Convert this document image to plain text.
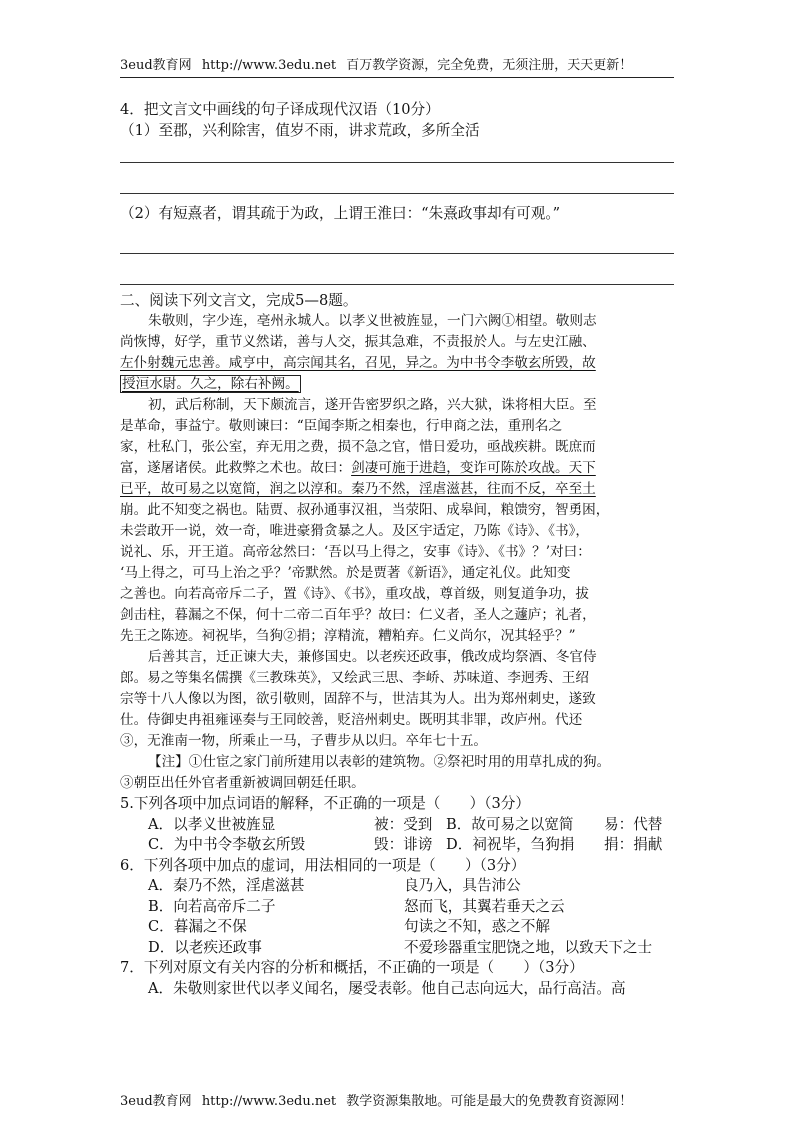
3eud教育网 http://www.3edu.net 百万教学资源，完全免费，无须注册，天天更新！
4．把文言文中画线的句子译成现代汉语（10分）
（1）至郡，兴利除害，值岁不雨，讲求荒政，多所全活
（2）有短熹者，谓其疏于为政，上谓王淮曰：“朱熹政事却有可观。”
二、阅读下列文言文，完成5—8题。
朱敬则，字少连，亳州永城人。以孝义世被旌显，一门六阙①相望。敬则志
尚恢博，好学，重节义然诺，善与人交，振其急难，不责报於人。与左史江融、
左仆射魏元忠善。咸亨中，高宗闻其名，召见，异之。为中书令李敬玄所毁，故
授洹水尉。久之，除右补阙。
初，武后称制，天下颇流言，遂开告密罗织之路，兴大狱，诛将相大臣。至
是革命，事益宁。敬则谏曰：“臣闻李斯之相秦也，行申商之法，重刑名之
家，杜私门，张公室，弃无用之费，损不急之官，惜日爱功，亟战疾耕。既庶而
富，遂屠诸侯。此救弊之术也。故曰：剑凄可施于进趋，变诈可陈於攻战。天下
已平，故可易之以宽简，润之以淳和。秦乃不然，淫虐滋甚，往而不反，卒至土
崩。此不知变之祸也。陆贾、叔孙通事汉祖，当荥阳、成皋间，粮馈穷，智勇困，
未尝敢开一说，效一奇，唯进豪猾贪暴之人。及区宇适定，乃陈《诗》、《书》，
说礼、乐，开王道。高帝忿然曰：‘吾以马上得之，安事《诗》、《书》？’对曰：
‘马上得之，可马上治之乎？’帝默然。於是贾著《新语》，通定礼仪。此知变
之善也。向若高帝斥二子，置《诗》、《书》，重攻战，尊首级，则复道争功，拔
剑击柱，暮漏之不保，何十二帝二百年乎？故曰：仁义者，圣人之蘧庐；礼者，
先王之陈迹。祠祝毕，刍狗②捐；淳精流，糟粕弃。仁义尚尔，况其轻乎？”
后善其言，迁正谏大夫，兼修国史。以老疾还政事，俄改成均祭酒、冬官侍
郎。易之等集名儒撰《三教珠英》，又绘武三思、李峤、苏味道、李迥秀、王绍
宗等十八人像以为图，欲引敬则，固辞不与，世洁其为人。出为郑州刺史，遂致
仕。侍御史冉祖雍诬奏与王同皎善，贬涪州刺史。既明其非罪，改庐州。代还
③，无淮南一物，所乘止一马，子曹步从以归。卒年七十五。
【注】①仕宦之家门前所建用以表彰的建筑物。②祭祀时用的用草扎成的狗。
③朝臣出任外官者重新被调回朝廷任职。
5.下列各项中加点词语的解释，不正确的一项是（　　）（3分）
A．以孝义世被旌显	被：受到 B．故可易之以宽简	易：代替
C．为中书令李敬玄所毁	毁：诽谤 D．祠祝毕，刍狗捐	捐：捐献
6．下列各项中加点的虚词，用法相同的一项是（　　）（3分）
A．秦乃不然，淫虐滋甚	良乃入，具告沛公
B．向若高帝斥二子	怒而飞，其翼若垂天之云
C．暮漏之不保	句读之不知，惑之不解
D．以老疾还政事	不爱珍器重宝肥饶之地，以致天下之士
7．下列对原文有关内容的分析和概括，不正确的一项是（　　）（3分）
A．朱敬则家世代以孝义闻名，屡受表彰。他自己志向远大，品行高洁。高
3eud教育网 http://www.3edu.net 教学资源集散地。可能是最大的免费教育资源网！
